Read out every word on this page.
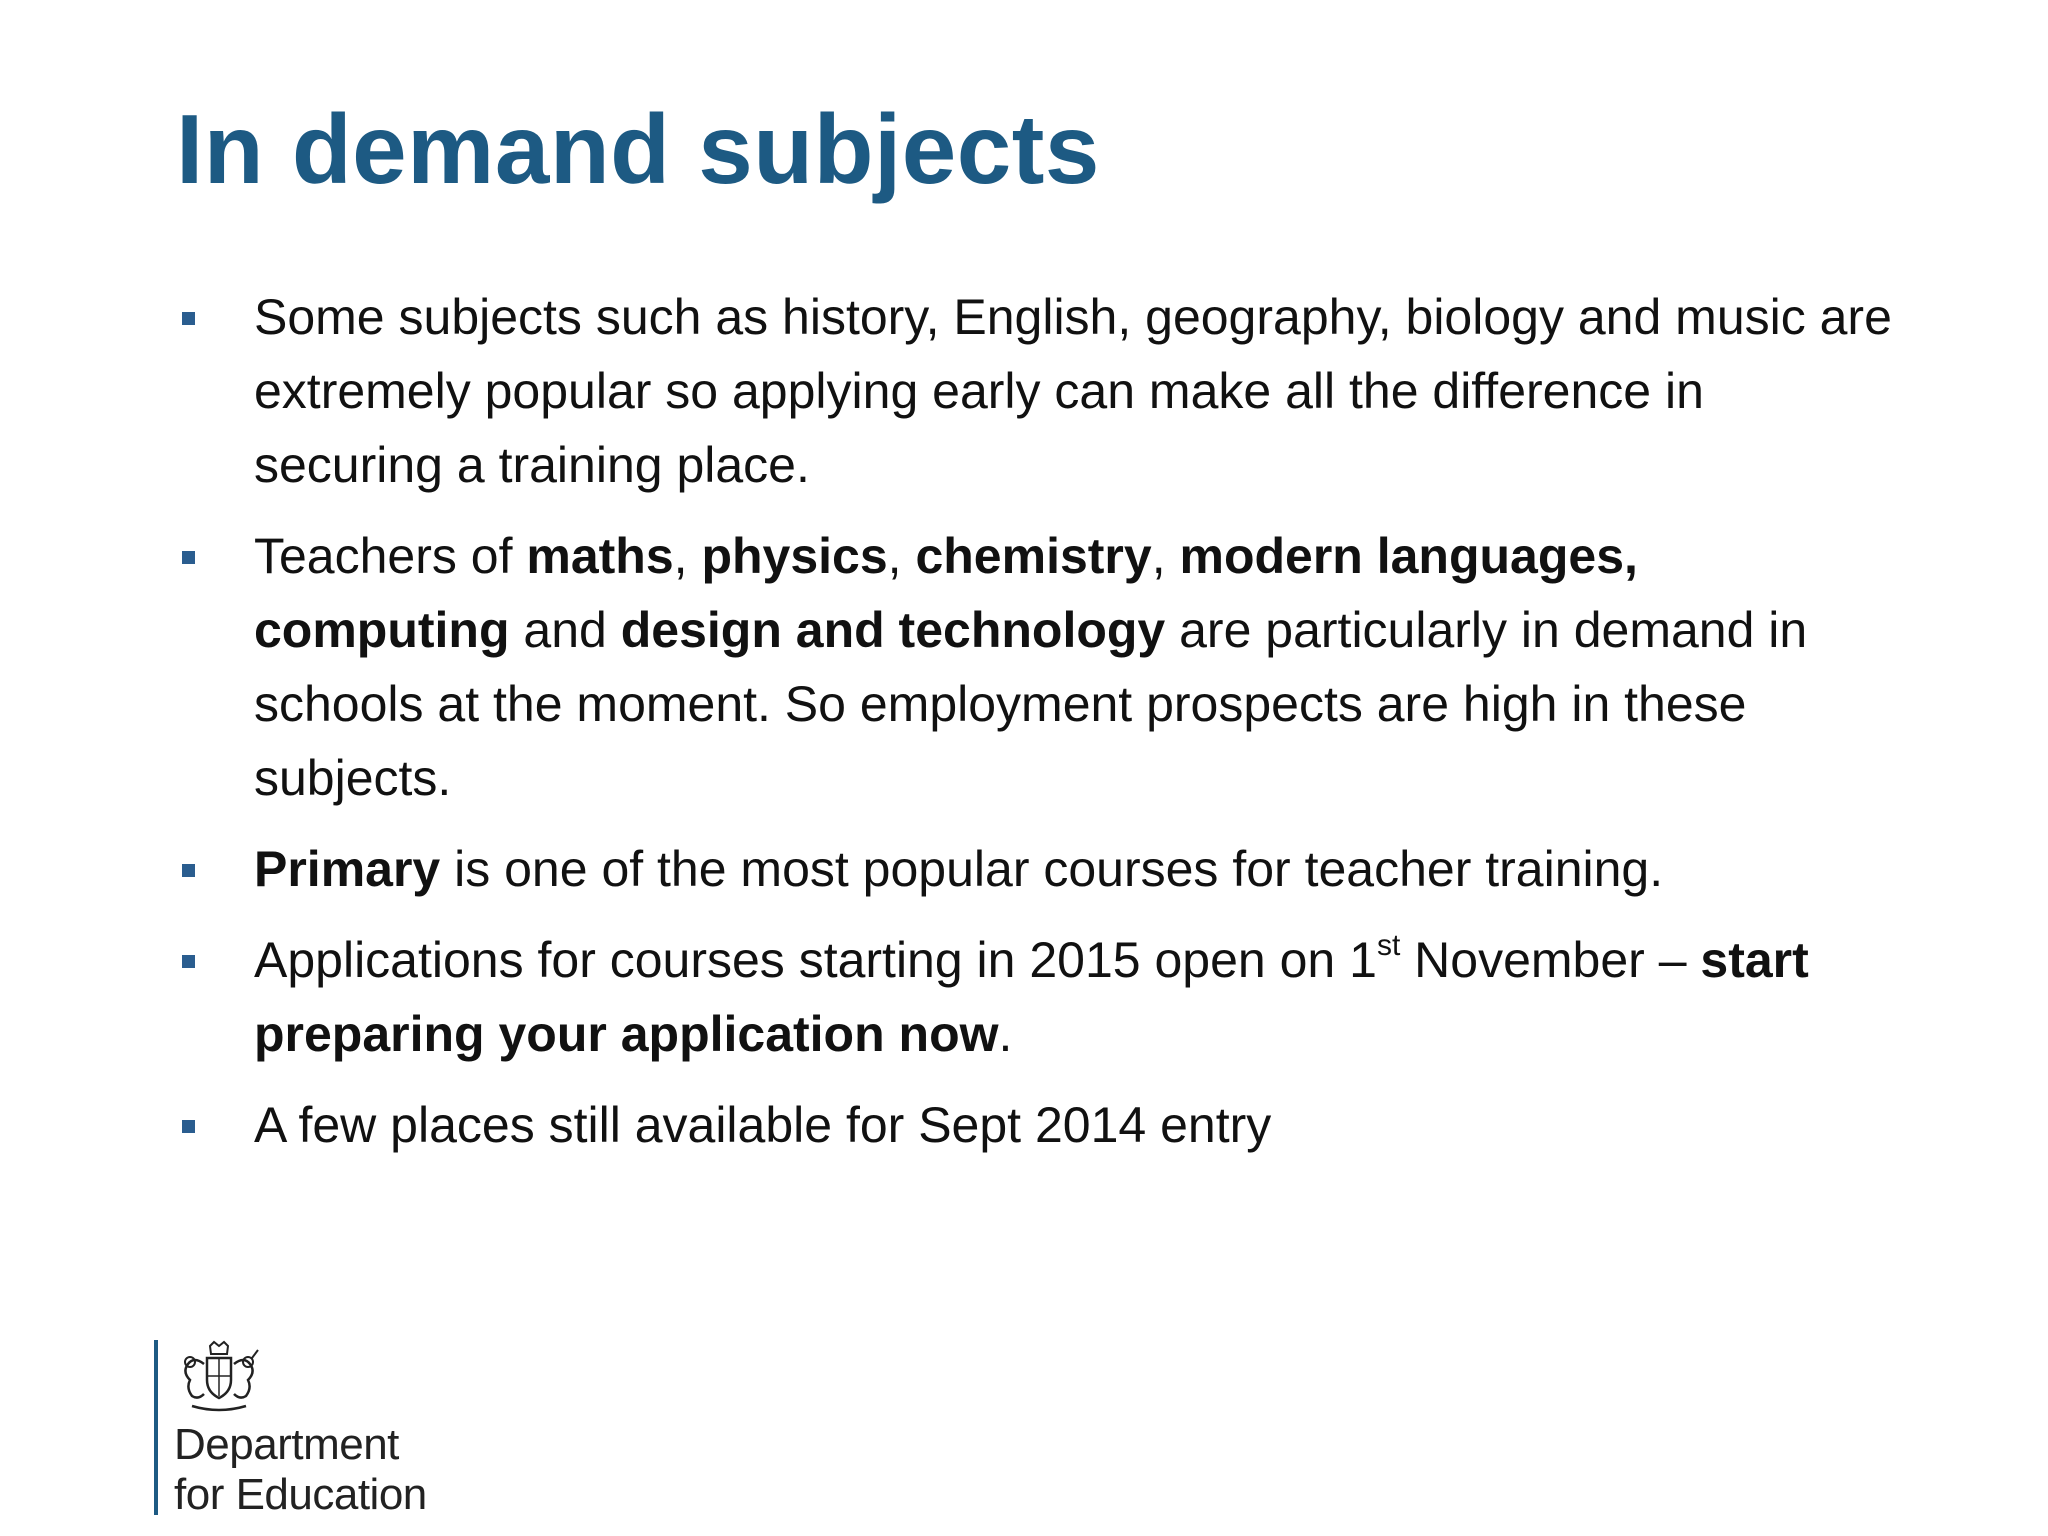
In demand subjects
Some subjects such as history, English, geography, biology and music are extremely popular so applying early can make all the difference in securing a training place.
Teachers of maths, physics, chemistry, modern languages, computing and design and technology are particularly in demand in schools at the moment. So employment prospects are high in these subjects.
Primary is one of the most popular courses for teacher training.
Applications for courses starting in 2015 open on 1st November – start preparing your application now.
A few places still available for Sept 2014 entry
Department
for Education
